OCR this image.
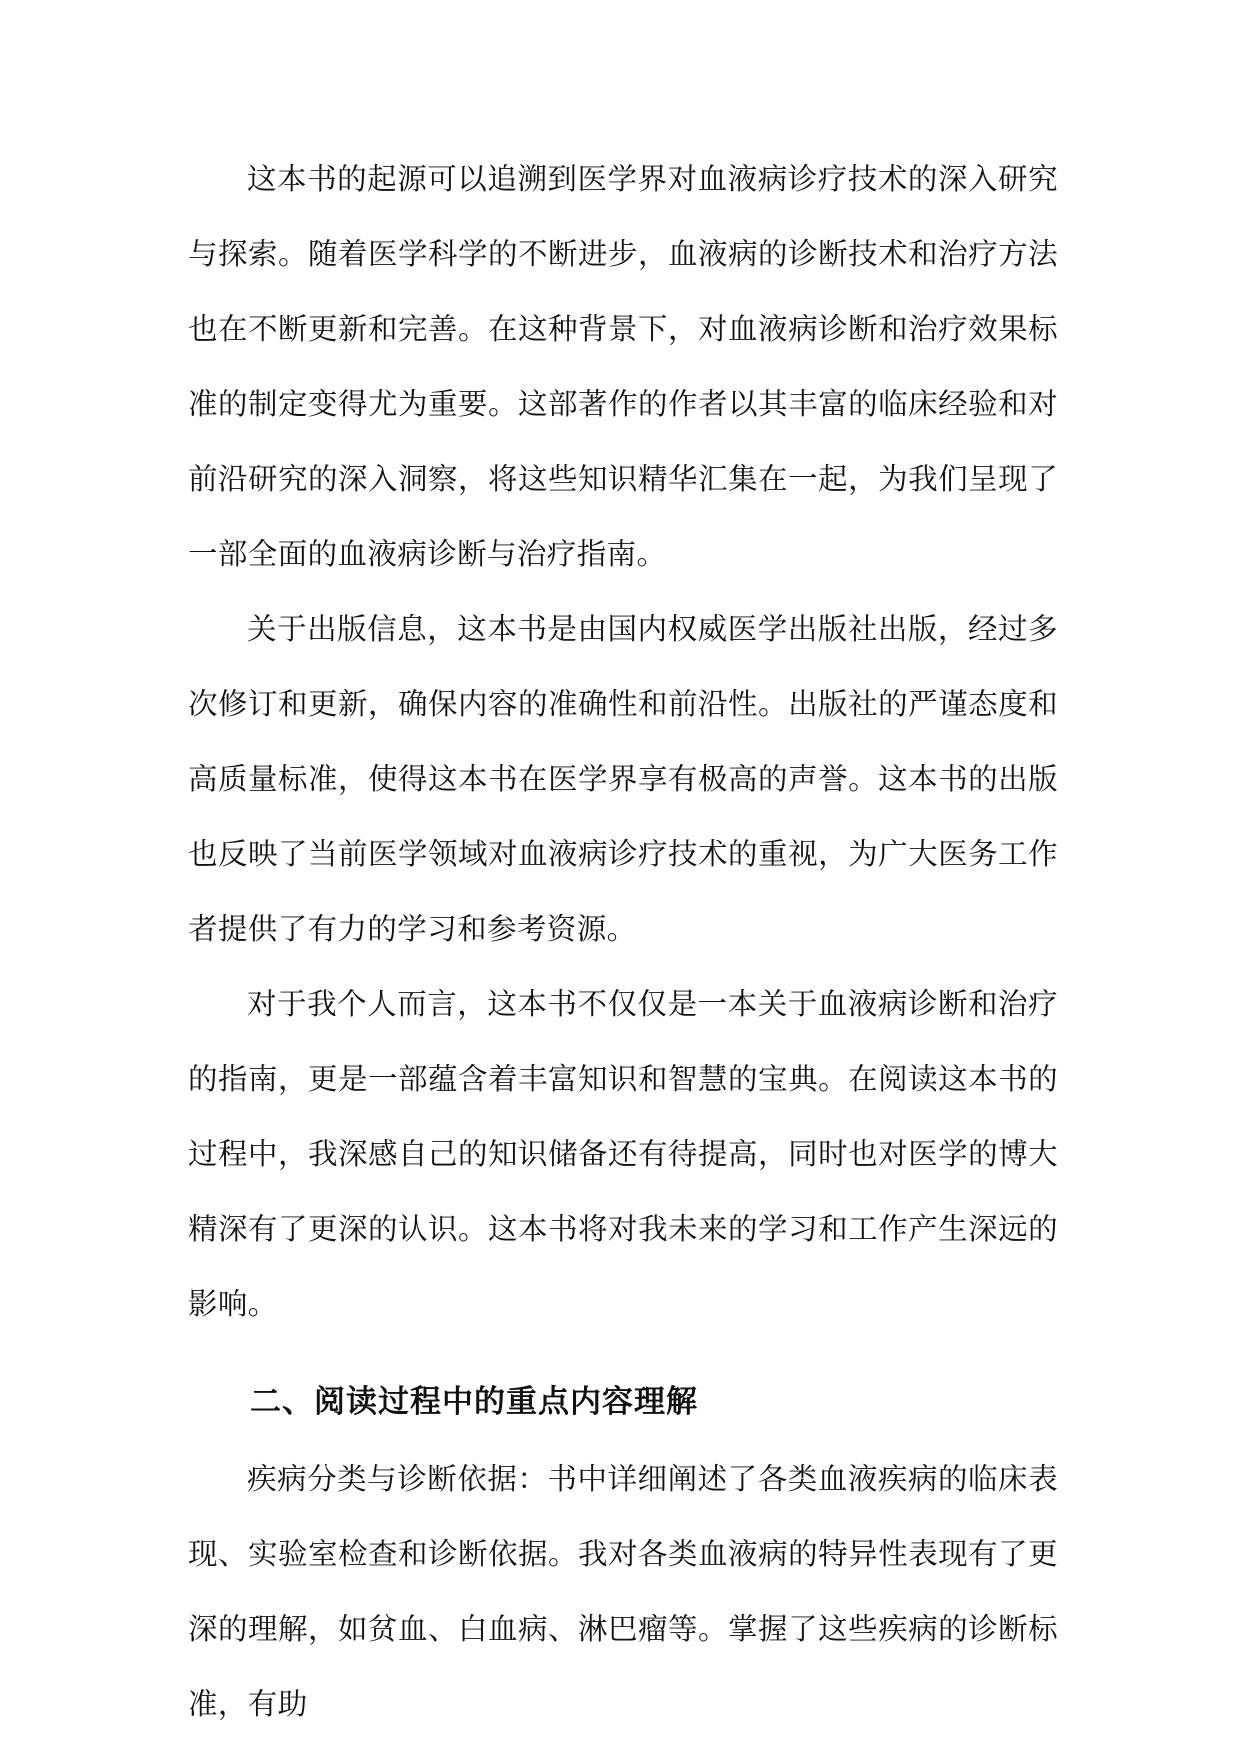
这本书的起源可以追溯到医学界对血液病诊疗技术的深入研究与探索。随着医学科学的不断进步，血液病的诊断技术和治疗方法也在不断更新和完善。在这种背景下，对血液病诊断和治疗效果标准的制定变得尤为重要。这部著作的作者以其丰富的临床经验和对前沿研究的深入洞察，将这些知识精华汇集在一起，为我们呈现了一部全面的血液病诊断与治疗指南。

关于出版信息，这本书是由国内权威医学出版社出版，经过多次修订和更新，确保内容的准确性和前沿性。出版社的严谨态度和高质量标准，使得这本书在医学界享有极高的声誉。这本书的出版也反映了当前医学领域对血液病诊疗技术的重视，为广大医务工作者提供了有力的学习和参考资源。

对于我个人而言，这本书不仅仅是一本关于血液病诊断和治疗的指南，更是一部蕴含着丰富知识和智慧的宝典。在阅读这本书的过程中，我深感自己的知识储备还有待提高，同时也对医学的博大精深有了更深的认识。这本书将对我未来的学习和工作产生深远的影响。

二、阅读过程中的重点内容理解

疾病分类与诊断依据：书中详细阐述了各类血液疾病的临床表现、实验室检查和诊断依据。我对各类血液病的特异性表现有了更深的理解，如贫血、白血病、淋巴瘤等。掌握了这些疾病的诊断标准，有助
